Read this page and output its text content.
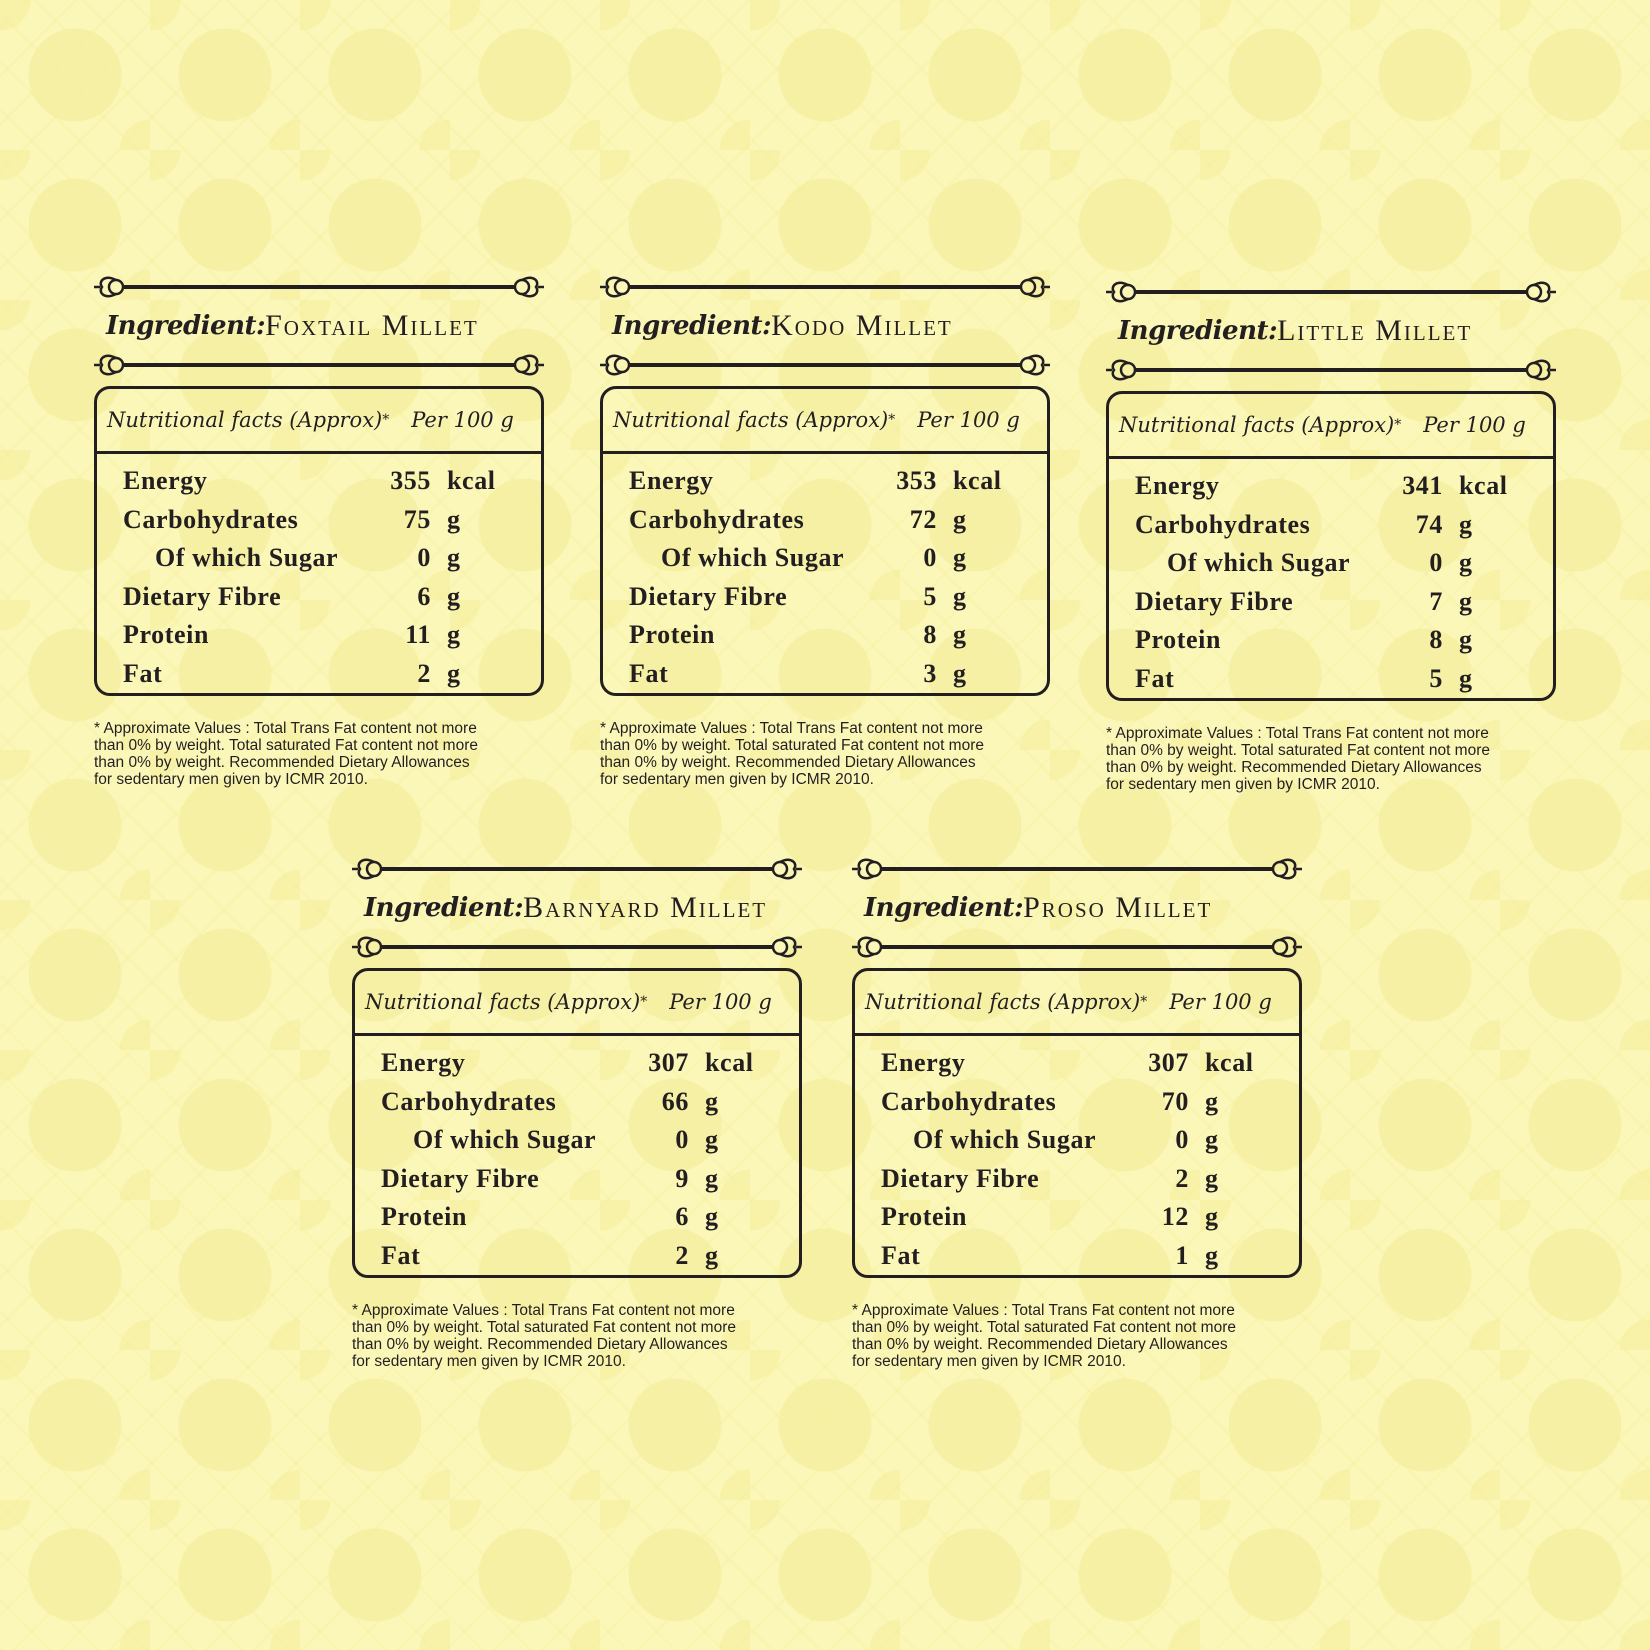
Ingredient: Foxtail Millet
Nutritional facts (Approx) * Per 100 g
Energy	355 kcal
Carbohydrates	75 g
Of which Sugar	0 g
Dietary Fibre	6 g
Protein	11 g
Fat	2 g
* Approximate Values : Total Trans Fat content not more
than 0% by weight. Total saturated Fat content not more
than 0% by weight. Recommended Dietary Allowances
for sedentary men given by ICMR 2010.
Ingredient: Kodo Millet
Nutritional facts (Approx) * Per 100 g
Energy	353 kcal
Carbohydrates	72 g
Of which Sugar	0 g
Dietary Fibre	5 g
Protein	8 g
Fat	3 g
* Approximate Values : Total Trans Fat content not more
than 0% by weight. Total saturated Fat content not more
than 0% by weight. Recommended Dietary Allowances
for sedentary men given by ICMR 2010.
Ingredient: Little Millet
Nutritional facts (Approx) * Per 100 g
Energy	341 kcal
Carbohydrates	74 g
Of which Sugar	0 g
Dietary Fibre	7 g
Protein	8 g
Fat	5 g
* Approximate Values : Total Trans Fat content not more
than 0% by weight. Total saturated Fat content not more
than 0% by weight. Recommended Dietary Allowances
for sedentary men given by ICMR 2010.
Ingredient: Barnyard Millet
Nutritional facts (Approx) * Per 100 g
Energy	307 kcal
Carbohydrates	66 g
Of which Sugar	0 g
Dietary Fibre	9 g
Protein	6 g
Fat	2 g
* Approximate Values : Total Trans Fat content not more
than 0% by weight. Total saturated Fat content not more
than 0% by weight. Recommended Dietary Allowances
for sedentary men given by ICMR 2010.
Ingredient: Proso Millet
Nutritional facts (Approx) * Per 100 g
Energy	307 kcal
Carbohydrates	70 g
Of which Sugar	0 g
Dietary Fibre	2 g
Protein	12 g
Fat	1 g
* Approximate Values : Total Trans Fat content not more
than 0% by weight. Total saturated Fat content not more
than 0% by weight. Recommended Dietary Allowances
for sedentary men given by ICMR 2010.
